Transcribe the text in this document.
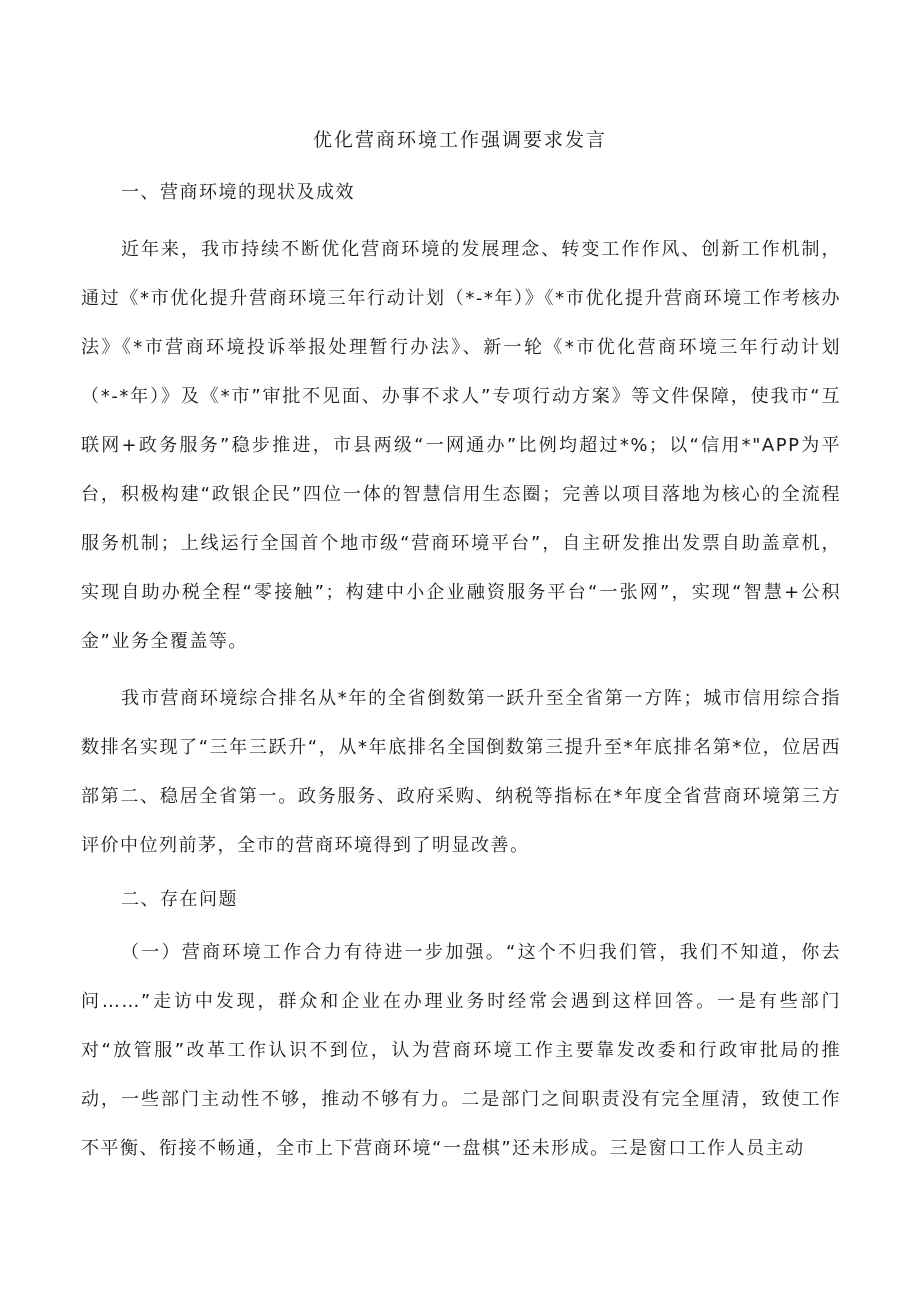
优化营商环境工作强调要求发言
一、营商环境的现状及成效

近年来，我市持续不断优化营商环境的发展理念、转变工作作风、创新工作机制，通过《*市优化提升营商环境三年行动计划（*-*年）》《*市优化提升营商环境工作考核办法》《*市营商环境投诉举报处理暂行办法》、新一轮《*市优化营商环境三年行动计划（*-*年）》及《*市”审批不见面、办事不求人”专项行动方案》等文件保障，使我市“互联网+政务服务”稳步推进，市县两级“一网通办”比例均超过*%；以“信用*"APP为平台，积极构建“政银企民”四位一体的智慧信用生态圈；完善以项目落地为核心的全流程服务机制；上线运行全国首个地市级“营商环境平台”，自主研发推出发票自助盖章机，实现自助办税全程“零接触”；构建中小企业融资服务平台“一张网”，实现“智慧+公积金”业务全覆盖等。

我市营商环境综合排名从*年的全省倒数第一跃升至全省第一方阵；城市信用综合指数排名实现了“三年三跃升“，从*年底排名全国倒数第三提升至*年底排名第*位，位居西部第二、稳居全省第一。政务服务、政府采购、纳税等指标在*年度全省营商环境第三方评价中位列前茅，全市的营商环境得到了明显改善。

二、存在问题

（一）营商环境工作合力有待进一步加强。“这个不归我们管，我们不知道，你去问……”走访中发现，群众和企业在办理业务时经常会遇到这样回答。一是有些部门对“放管服”改革工作认识不到位，认为营商环境工作主要靠发改委和行政审批局的推动，一些部门主动性不够，推动不够有力。二是部门之间职责没有完全厘清，致使工作不平衡、衔接不畅通，全市上下营商环境“一盘棋”还未形成。三是窗口工作人员主动
